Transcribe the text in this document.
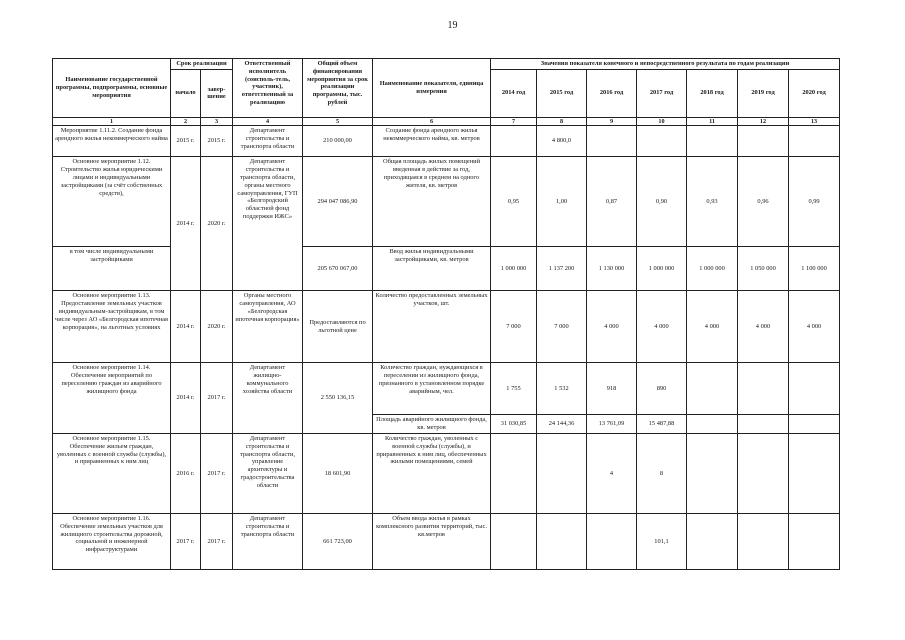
19
Наименование государственной программы, подпрограммы, основные мероприятия	Срок реализации		Ответственный исполнитель (соисполь-тель, участник), ответственный за реализацию	Общий объем финансирования мероприятия за срок реализации программы, тыс. рублей	Наименование показателя, единица измерения	Значения показателя конечного и непосредственного результата по годам реализации						
	начало	завер-шение				2014 год	2015 год	2016 год	2017 год	2018 год	2019 год	2020 год
1	2	3	4	5	6	7	8	9	10	11	12	13
Мероприятие 1.11.2. Создание фонда арендного жилья некоммерческого найма	2015 г.	2015 г.	Департамент строительства и транспорта области	210 000,00	Создание фонда арендного жилья некоммерческого найма, кв. метров		4 800,0					
Основное мероприятие 1.12. Строительство жилья юридическими лицами и индивидуальными застройщиками (за счёт собственных средств),	2014 г.	2020 г.	Департамент строительства и транспорта области, органы местного самоуправления, ГУП «Белгородский областной фонд поддержки ИЖС»	294 047 086,90	Общая площадь жилых помещений введенная в действие за год, приходящаяся в среднем на одного жителя, кв. метров	0,95	1,00	0,87	0,90	0,93	0,96	0,99
в том числе индивидуальными застройщиками				205 670 067,00	Ввод жилья индивидуальными застройщиками, кв. метров	1 000 000	1 137 200	1 130 000	1 000 000	1 000 000	1 050 000	1 100 000
Основное мероприятие 1.13. Предоставление земельных участков индивидуальным-застройщикам, в том числе через АО «Белгородская ипотечная корпорация», на льготных условиях	2014 г.	2020 г.	Органы местного самоуправления, АО «Белгородская ипотечная корпорация»	Предоставляются по льготной цене	Количество предоставленных земельных участков, шт.	7 000	7 000	4 000	4 000	4 000	4 000	4 000
Основное мероприятие 1.14. Обеспечение мероприятий по переселению граждан из аварийного жилищного фонда	2014 г.	2017 г.	Департамент жилищно-коммунального хозяйства области	2 550 136,15	Количество граждан, нуждающихся в переселении из жилищного фонда, признанного в установленном порядке аварийным, чел.	1 755	1 532	918	890			
					Площадь аварийного жилищного фонда, кв. метров	31 030,85	24 144,36	13 761,09	15 487,88			
Основное мероприятие 1.15. Обеспечение жильем граждан, уволенных с военной службы (службы), и приравненных к ним лиц	2016 г.	2017 г.	Департамент строительства и транспорта области, управление архитектуры и градостроительства области	18 601,90	Количество граждан, уволенных с военной службы (службы), и приравненных к ним лиц, обеспеченных жилыми помещениями, семей			4	8			
Основное мероприятие 1.16. Обеспечение земельных участков для жилищного строительства дорожной, социальной и инженерной инфраструктурами	2017 г.	2017 г.	Департамент строительства и транспорта области	661 723,00	Объем ввода жилья в рамках комплексного развития территорий, тыс. кв.метров				101,1			
